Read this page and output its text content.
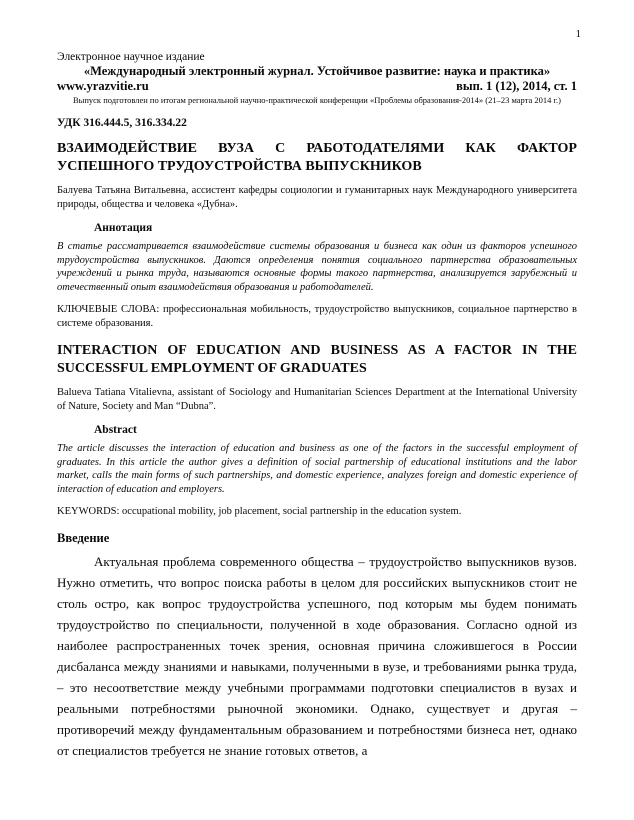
1
Электронное научное издание
«Международный электронный журнал. Устойчивое развитие: наука и практика»
www.yrazvitie.ru	вып. 1 (12), 2014, ст. 1
Выпуск подготовлен по итогам региональной научно-практической конференции «Проблемы образования-2014» (21–23 марта 2014 г.)
УДК 316.444.5, 316.334.22
ВЗАИМОДЕЙСТВИЕ ВУЗА С РАБОТОДАТЕЛЯМИ КАК ФАКТОР
УСПЕШНОГО ТРУДОУСТРОЙСТВА ВЫПУСКНИКОВ

Балуева Татьяна Витальевна, ассистент кафедры социологии и гуманитарных наук Международного университета природы, общества и человека «Дубна».

Аннотация

В статье рассматривается взаимодействие системы образования и бизнеса как один из факторов успешного трудоустройства выпускников. Даются определения понятия социального партнерства образовательных учреждений и рынка труда, называются основные формы такого партнерства, анализируется зарубежный и отечественный опыт взаимодействия образования и работодателей.

КЛЮЧЕВЫЕ СЛОВА: профессиональная мобильность, трудоустройство выпускников, социальное партнерство в системе образования.

INTERACTION OF EDUCATION AND BUSINESS AS A FACTOR IN THE
SUCCESSFUL EMPLOYMENT OF GRADUATES

Balueva Tatiana Vitalievna, assistant of Sociology and Humanitarian Sciences Department at the International University of Nature, Society and Man “Dubna”.

Abstract

The article discusses the interaction of education and business as one of the factors in the successful employment of graduates. In this article the author gives a definition of social partnership of educational institutions and the labor market, calls the main forms of such partnerships, and domestic experience, analyzes foreign and domestic experience of interaction of education and employers.

KEYWORDS: occupational mobility, job placement, social partnership in the education system.

Введение

Актуальная проблема современного общества – трудоустройство выпускников вузов. Нужно отметить, что вопрос поиска работы в целом для российских выпускников стоит не столь остро, как вопрос трудоустройства успешного, под которым мы будем понимать трудоустройство по специальности, полученной в ходе образования. Согласно одной из наиболее распространенных точек зрения, основная причина сложившегося в России дисбаланса между знаниями и навыками, полученными в вузе, и требованиями рынка труда, – это несоответствие между учебными программами подготовки специалистов в вузах и реальными потребностями рыночной экономики. Однако, существует и другая – противоречий между фундаментальным образованием и потребностями бизнеса нет, однако от специалистов требуется не знание готовых ответов, а
